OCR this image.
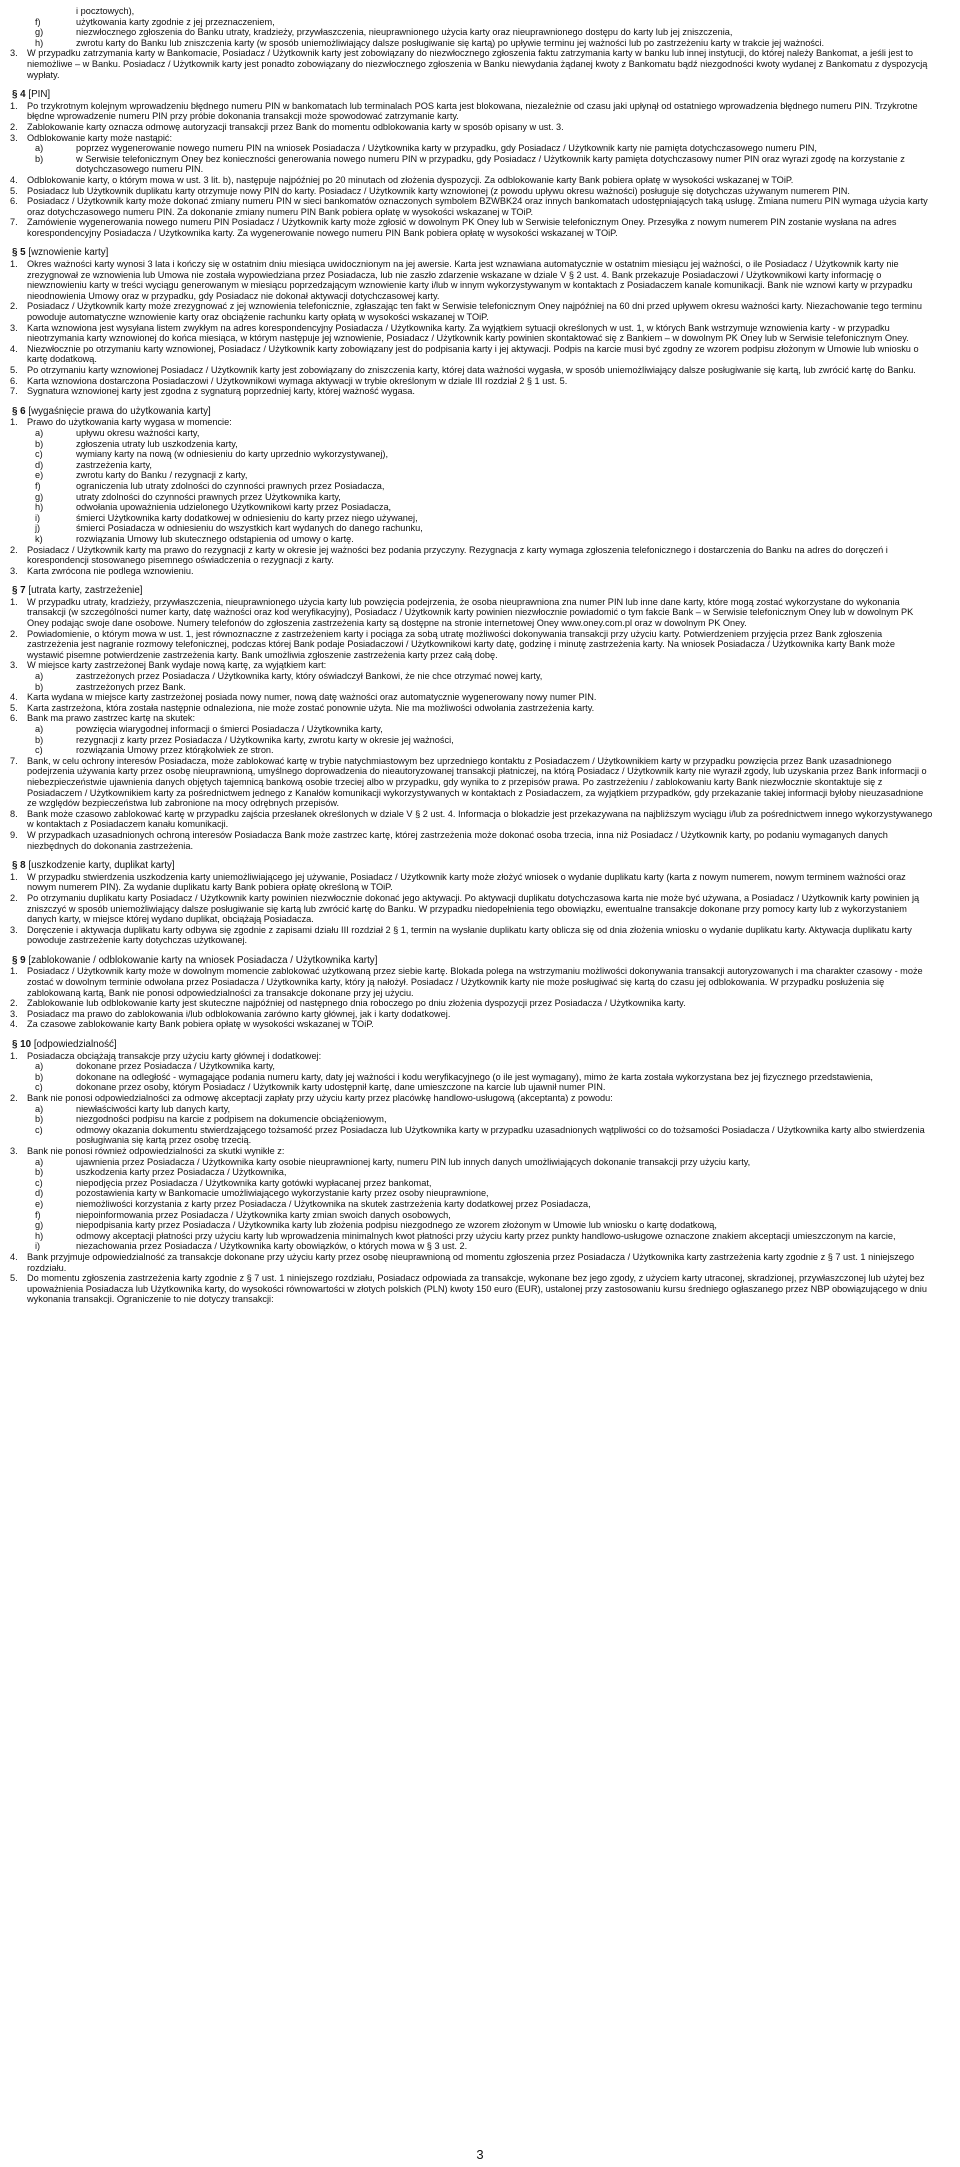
i pocztowych),
f)	użytkowania karty zgodnie z jej przeznaczeniem,
g)	niezwłocznego zgłoszenia do Banku utraty, kradzieży, przywłaszczenia, nieuprawnionego użycia karty oraz nieuprawnionego dostępu do karty lub jej zniszczenia,
h)	zwrotu karty do Banku lub zniszczenia karty (w sposób uniemożliwiający dalsze posługiwanie się kartą) po upływie terminu jej ważności lub po zastrzeżeniu karty w trakcie jej ważności.
3. W przypadku zatrzymania karty w Bankomacie, Posiadacz / Użytkownik karty jest zobowiązany do niezwłocznego zgłoszenia faktu zatrzymania karty w banku lub innej instytucji, do której należy Bankomat, a jeśli jest to niemożliwe – w Banku. Posiadacz / Użytkownik karty jest ponadto zobowiązany do niezwłocznego zgłoszenia w Banku niewydania żądanej kwoty z Bankomatu bądź niezgodności kwoty wydanej z Bankomatu z dyspozycją wypłaty.
§ 4 [PIN]
1. Po trzykrotnym kolejnym wprowadzeniu błędnego numeru PIN w bankomatach lub terminalach POS karta jest blokowana, niezależnie od czasu jaki upłynął od ostatniego wprowadzenia błędnego numeru PIN. Trzykrotne błędne wprowadzenie numeru PIN przy próbie dokonania transakcji może spowodować zatrzymanie karty.
2. Zablokowanie karty oznacza odmowę autoryzacji transakcji przez Bank do momentu odblokowania karty w sposób opisany w ust. 3.
3. Odblokowanie karty może nastąpić:
a)	poprzez wygenerowanie nowego numeru PIN na wniosek Posiadacza / Użytkownika karty w przypadku, gdy Posiadacz / Użytkownik karty nie pamięta dotychczasowego numeru PIN,
b)	w Serwisie telefonicznym Oney bez konieczności generowania nowego numeru PIN w przypadku, gdy Posiadacz / Użytkownik karty pamięta dotychczasowy numer PIN oraz wyrazi zgodę na korzystanie z dotychczasowego numeru PIN.
4. Odblokowanie karty, o którym mowa w ust. 3 lit. b), następuje najpóźniej po 20 minutach od złożenia dyspozycji. Za odblokowanie karty Bank pobiera opłatę w wysokości wskazanej w TOiP.
5. Posiadacz lub Użytkownik duplikatu karty otrzymuje nowy PIN do karty. Posiadacz / Użytkownik karty wznowionej (z powodu upływu okresu ważności) posługuje się dotychczas używanym numerem PIN.
6. Posiadacz / Użytkownik karty może dokonać zmiany numeru PIN w sieci bankomatów oznaczonych symbolem BZWBK24 oraz innych bankomatach udostępniających taką usługę. Zmiana numeru PIN wymaga użycia karty oraz dotychczasowego numeru PIN. Za dokonanie zmiany numeru PIN Bank pobiera opłatę w wysokości wskazanej w TOiP.
7. Zamówienie wygenerowania nowego numeru PIN Posiadacz / Użytkownik karty może zgłosić w dowolnym PK Oney lub w Serwisie telefonicznym Oney. Przesyłka z nowym numerem PIN zostanie wysłana na adres korespondencyjny Posiadacza / Użytkownika karty. Za wygenerowanie nowego numeru PIN Bank pobiera opłatę w wysokości wskazanej w TOiP.
§ 5 [wznowienie karty]
1. Okres ważności karty wynosi 3 lata i kończy się w ostatnim dniu miesiąca uwidocznionym na jej awersie. Karta jest wznawiana automatycznie w ostatnim miesiącu jej ważności, o ile Posiadacz / Użytkownik karty nie zrezygnował ze wznowienia lub Umowa nie została wypowiedziana przez Posiadacza, lub nie zaszło zdarzenie wskazane w dziale V § 2 ust. 4. Bank przekazuje Posiadaczowi / Użytkownikowi karty informację o niewznowieniu karty w treści wyciągu generowanym w miesiącu poprzedzającym wznowienie karty i/lub w innym wykorzystywanym w kontaktach z Posiadaczem kanale komunikacji. Bank nie wznowi karty w przypadku nieodnowienia Umowy oraz w przypadku, gdy Posiadacz nie dokonał aktywacji dotychczasowej karty.
2. Posiadacz / Użytkownik karty może zrezygnować z jej wznowienia telefonicznie, zgłaszając ten fakt w Serwisie telefonicznym Oney najpóźniej na 60 dni przed upływem okresu ważności karty. Niezachowanie tego terminu powoduje automatyczne wznowienie karty oraz obciążenie rachunku karty opłatą w wysokości wskazanej w TOiP.
3. Karta wznowiona jest wysyłana listem zwykłym na adres korespondencyjny Posiadacza / Użytkownika karty. Za wyjątkiem sytuacji określonych w ust. 1, w których Bank wstrzymuje wznowienia karty - w przypadku nieotrzymania karty wznowionej do końca miesiąca, w którym następuje jej wznowienie, Posiadacz / Użytkownik karty powinien skontaktować się z Bankiem – w dowolnym PK Oney lub w Serwisie telefonicznym Oney.
4. Niezwłocznie po otrzymaniu karty wznowionej, Posiadacz / Użytkownik karty zobowiązany jest do podpisania karty i jej aktywacji. Podpis na karcie musi być zgodny ze wzorem podpisu złożonym w Umowie lub wniosku o kartę dodatkową.
5. Po otrzymaniu karty wznowionej Posiadacz / Użytkownik karty jest zobowiązany do zniszczenia karty, której data ważności wygasła, w sposób uniemożliwiający dalsze posługiwanie się kartą, lub zwrócić kartę do Banku.
6. Karta wznowiona dostarczona Posiadaczowi / Użytkownikowi wymaga aktywacji w trybie określonym w dziale III rozdział 2 § 1 ust. 5.
7. Sygnatura wznowionej karty jest zgodna z sygnaturą poprzedniej karty, której ważność wygasa.
§ 6 [wygaśnięcie prawa do użytkowania karty]
1. Prawo do użytkowania karty wygasa w momencie:
a)	upływu okresu ważności karty,
b)	zgłoszenia utraty lub uszkodzenia karty,
c)	wymiany karty na nową (w odniesieniu do karty uprzednio wykorzystywanej),
d)	zastrzeżenia karty,
e)	zwrotu karty do Banku / rezygnacji z karty,
f)	ograniczenia lub utraty zdolności do czynności prawnych przez Posiadacza,
g)	utraty zdolności do czynności prawnych przez Użytkownika karty,
h)	odwołania upoważnienia udzielonego Użytkownikowi karty przez Posiadacza,
i)	śmierci Użytkownika karty dodatkowej w odniesieniu do karty przez niego używanej,
j)	śmierci Posiadacza w odniesieniu do wszystkich kart wydanych do danego rachunku,
k)	rozwiązania Umowy lub skutecznego odstąpienia od umowy o kartę.
2. Posiadacz / Użytkownik karty ma prawo do rezygnacji z karty w okresie jej ważności bez podania przyczyny. Rezygnacja z karty wymaga zgłoszenia telefonicznego i dostarczenia do Banku na adres do doręczeń i korespondencji stosowanego pisemnego oświadczenia o rezygnacji z karty.
3. Karta zwrócona nie podlega wznowieniu.
§ 7 [utrata karty, zastrzeżenie]
1. W przypadku utraty, kradzieży, przywłaszczenia, nieuprawnionego użycia karty lub powzięcia podejrzenia, że osoba nieuprawniona zna numer PIN lub inne dane karty, które mogą zostać wykorzystane do wykonania transakcji (w szczególności numer karty, datę ważności oraz kod weryfikacyjny), Posiadacz / Użytkownik karty powinien niezwłocznie powiadomić o tym fakcie Bank – w Serwisie telefonicznym Oney lub w dowolnym PK Oney podając swoje dane osobowe. Numery telefonów do zgłoszenia zastrzeżenia karty są dostępne na stronie internetowej Oney www.oney.com.pl oraz w dowolnym PK Oney.
2. Powiadomienie, o którym mowa w ust. 1, jest równoznaczne z zastrzeżeniem karty i pociąga za sobą utratę możliwości dokonywania transakcji przy użyciu karty. Potwierdzeniem przyjęcia przez Bank zgłoszenia zastrzeżenia jest nagranie rozmowy telefonicznej, podczas której Bank podaje Posiadaczowi / Użytkownikowi karty datę, godzinę i minutę zastrzeżenia karty. Na wniosek Posiadacza / Użytkownika karty Bank może wystawić pisemne potwierdzenie zastrzeżenia karty. Bank umożliwia zgłoszenie zastrzeżenia karty przez całą dobę.
3. W miejsce karty zastrzeżonej Bank wydaje nową kartę, za wyjątkiem kart:
a)	zastrzeżonych przez Posiadacza / Użytkownika karty, który oświadczył Bankowi, że nie chce otrzymać nowej karty,
b)	zastrzeżonych przez Bank.
4. Karta wydana w miejsce karty zastrzeżonej posiada nowy numer, nową datę ważności oraz automatycznie wygenerowany nowy numer PIN.
5. Karta zastrzeżona, która została następnie odnaleziona, nie może zostać ponownie użyta. Nie ma możliwości odwołania zastrzeżenia karty.
6. Bank ma prawo zastrzec kartę na skutek:
a)	powzięcia wiarygodnej informacji o śmierci Posiadacza / Użytkownika karty,
b)	rezygnacji z karty przez Posiadacza / Użytkownika karty, zwrotu karty w okresie jej ważności,
c)	rozwiązania Umowy przez którąkolwiek ze stron.
7. Bank, w celu ochrony interesów Posiadacza, może zablokować kartę w trybie natychmiastowym bez uprzedniego kontaktu z Posiadaczem / Użytkownikiem karty w przypadku powzięcia przez Bank uzasadnionego podejrzenia używania karty przez osobę nieuprawnioną, umyślnego doprowadzenia do nieautoryzowanej transakcji płatniczej, na którą Posiadacz / Użytkownik karty nie wyraził zgody, lub uzyskania przez Bank informacji o niebezpieczeństwie ujawnienia danych objętych tajemnicą bankową osobie trzeciej albo w przypadku, gdy wynika to z przepisów prawa. Po zastrzeżeniu / zablokowaniu karty Bank niezwłocznie skontaktuje się z Posiadaczem / Użytkownikiem karty za pośrednictwem jednego z Kanałów komunikacji wykorzystywanych w kontaktach z Posiadaczem, za wyjątkiem przypadków, gdy przekazanie takiej informacji byłoby nieuzasadnione ze względów bezpieczeństwa lub zabronione na mocy odrębnych przepisów.
8. Bank może czasowo zablokować kartę w przypadku zajścia przesłanek określonych w dziale V § 2 ust. 4. Informacja o blokadzie jest przekazywana na najbliższym wyciągu i/lub za pośrednictwem innego wykorzystywanego w kontaktach z Posiadaczem kanału komunikacji.
9. W przypadkach uzasadnionych ochroną interesów Posiadacza Bank może zastrzec kartę, której zastrzeżenia może dokonać osoba trzecia, inna niż Posiadacz / Użytkownik karty, po podaniu wymaganych danych niezbędnych do dokonania zastrzeżenia.
§ 8 [uszkodzenie karty, duplikat karty]
1. W przypadku stwierdzenia uszkodzenia karty uniemożliwiającego jej używanie, Posiadacz / Użytkownik karty może złożyć wniosek o wydanie duplikatu karty (karta z nowym numerem, nowym terminem ważności oraz nowym numerem PIN). Za wydanie duplikatu karty Bank pobiera opłatę określoną w TOiP.
2. Po otrzymaniu duplikatu karty Posiadacz / Użytkownik karty powinien niezwłocznie dokonać jego aktywacji. Po aktywacji duplikatu dotychczasowa karta nie może być używana, a Posiadacz / Użytkownik karty powinien ją zniszczyć w sposób uniemożliwiający dalsze posługiwanie się kartą lub zwrócić kartę do Banku. W przypadku niedopełnienia tego obowiązku, ewentualne transakcje dokonane przy pomocy karty lub z wykorzystaniem danych karty, w miejsce której wydano duplikat, obciążają Posiadacza.
3. Doręczenie i aktywacja duplikatu karty odbywa się zgodnie z zapisami działu III rozdział 2 § 1, termin na wysłanie duplikatu karty oblicza się od dnia złożenia wniosku o wydanie duplikatu karty. Aktywacja duplikatu karty powoduje zastrzeżenie karty dotychczas użytkowanej.
§ 9 [zablokowanie / odblokowanie karty na wniosek Posiadacza / Użytkownika karty]
1. Posiadacz / Użytkownik karty może w dowolnym momencie zablokować użytkowaną przez siebie kartę. Blokada polega na wstrzymaniu możliwości dokonywania transakcji autoryzowanych i ma charakter czasowy - może zostać w dowolnym terminie odwołana przez Posiadacza / Użytkownika karty, który ją nałożył. Posiadacz / Użytkownik karty nie może posługiwać się kartą do czasu jej odblokowania. W przypadku posłużenia się zablokowaną kartą, Bank nie ponosi odpowiedzialności za transakcje dokonane przy jej użyciu.
2. Zablokowanie lub odblokowanie karty jest skuteczne najpóźniej od następnego dnia roboczego po dniu złożenia dyspozycji przez Posiadacza / Użytkownika karty.
3. Posiadacz ma prawo do zablokowania i/lub odblokowania zarówno karty głównej, jak i karty dodatkowej.
4. Za czasowe zablokowanie karty Bank pobiera opłatę w wysokości wskazanej w TOiP.
§ 10 [odpowiedzialność]
1. Posiadacza obciążają transakcje przy użyciu karty głównej i dodatkowej:
a)	dokonane przez Posiadacza / Użytkownika karty,
b)	dokonane na odległość - wymagające podania numeru karty, daty jej ważności i kodu weryfikacyjnego (o ile jest wymagany), mimo że karta została wykorzystana bez jej fizycznego przedstawienia,
c)	dokonane przez osoby, którym Posiadacz / Użytkownik karty udostępnił kartę, dane umieszczone na karcie lub ujawnił numer PIN.
2. Bank nie ponosi odpowiedzialności za odmowę akceptacji zapłaty przy użyciu karty przez placówkę handlowo-usługową (akceptanta) z powodu:
a)	niewłaściwości karty lub danych karty,
b)	niezgodności podpisu na karcie z podpisem na dokumencie obciążeniowym,
c)	odmowy okazania dokumentu stwierdzającego tożsamość przez Posiadacza lub Użytkownika karty w przypadku uzasadnionych wątpliwości co do tożsamości Posiadacza / Użytkownika karty albo stwierdzenia posługiwania się kartą przez osobę trzecią.
3. Bank nie ponosi również odpowiedzialności za skutki wynikłe z:
a)	ujawnienia przez Posiadacza / Użytkownika karty osobie nieuprawnionej karty, numeru PIN lub innych danych umożliwiających dokonanie transakcji przy użyciu karty,
b)	uszkodzenia karty przez Posiadacza / Użytkownika,
c)	niepodjęcia przez Posiadacza / Użytkownika karty gotówki wypłacanej przez bankomat,
d)	pozostawienia karty w Bankomacie umożliwiającego wykorzystanie karty przez osoby nieuprawnione,
e)	niemożliwości korzystania z karty przez Posiadacza / Użytkownika na skutek zastrzeżenia karty dodatkowej przez Posiadacza,
f)	niepoinformowania przez Posiadacza / Użytkownika karty zmian swoich danych osobowych,
g)	niepodpisania karty przez Posiadacza / Użytkownika karty lub złożenia podpisu niezgodnego ze wzorem złożonym w Umowie lub wniosku o kartę dodatkową,
h)	odmowy akceptacji płatności przy użyciu karty lub wprowadzenia minimalnych kwot płatności przy użyciu karty przez punkty handlowo-usługowe oznaczone znakiem akceptacji umieszczonym na karcie,
i)	niezachowania przez Posiadacza / Użytkownika karty obowiązków, o których mowa w § 3 ust. 2.
4. Bank przyjmuje odpowiedzialność za transakcje dokonane przy użyciu karty przez osobę nieuprawnioną od momentu zgłoszenia przez Posiadacza / Użytkownika karty zastrzeżenia karty zgodnie z § 7 ust. 1 niniejszego rozdziału.
5. Do momentu zgłoszenia zastrzeżenia karty zgodnie z § 7 ust. 1 niniejszego rozdziału, Posiadacz odpowiada za transakcje, wykonane bez jego zgody, z użyciem karty utraconej, skradzionej, przywłaszczonej lub użytej bez upoważnienia Posiadacza lub Użytkownika karty, do wysokości równowartości w złotych polskich (PLN) kwoty 150 euro (EUR), ustalonej przy zastosowaniu kursu średniego ogłaszanego przez NBP obowiązującego w dniu wykonania transakcji. Ograniczenie to nie dotyczy transakcji:
3
